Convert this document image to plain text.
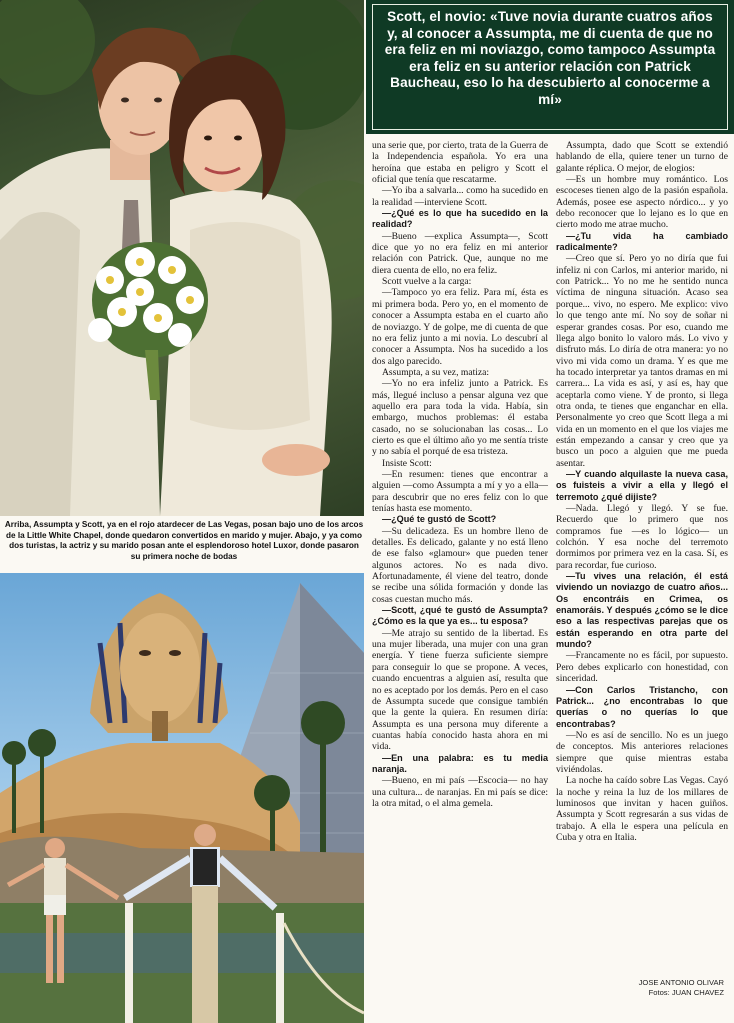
Arriba, Assumpta y Scott, ya en el rojo atardecer de Las Vegas, posan bajo uno de los arcos de la Little White Chapel, donde quedaron convertidos en marido y mujer. Abajo, y ya como dos turistas, la actriz y su marido posan ante el esplendoroso hotel Luxor, donde pasaron su primera noche de bodas
Scott, el novio: «Tuve novia durante cuatros años y, al conocer a Assumpta, me di cuenta de que no era feliz en mi noviazgo, como tampoco Assumpta era feliz en su anterior relación con Patrick Baucheau, eso lo ha descubierto al conocerme a mí»

una serie que, por cierto, trata de la Guerra de la Independencia española. Yo era una heroína que estaba en peligro y Scott el oficial que tenía que rescatarme.

—Yo iba a salvarla... como ha sucedido en la realidad —interviene Scott.

—¿Qué es lo que ha sucedido en la realidad?

—Bueno —explica Assumpta—, Scott dice que yo no era feliz en mi anterior relación con Patrick. Que, aunque no me diera cuenta de ello, no era feliz.

Scott vuelve a la carga:

—Tampoco yo era feliz. Para mí, ésta es mi primera boda. Pero yo, en el momento de conocer a Assumpta estaba en el cuarto año de noviazgo. Y de golpe, me di cuenta de que no era feliz junto a mi novia. Lo descubrí al conocer a Assumpta. Nos ha sucedido a los dos algo parecido.

Assumpta, a su vez, matiza:

—Yo no era infeliz junto a Patrick. Es más, llegué incluso a pensar alguna vez que aquello era para toda la vida. Había, sin embargo, muchos problemas: él estaba casado, no se solucionaban las cosas... Lo cierto es que el último año yo me sentía triste y no sabía el porqué de esa tristeza.

Insiste Scott:

—En resumen: tienes que encontrar a alguien —como Assumpta a mí y yo a ella— para descubrir que no eres feliz con lo que tenías hasta ese momento.

—¿Qué te gustó de Scott?

—Su delicadeza. Es un hombre lleno de detalles. Es delicado, galante y no está lleno de ese falso «glamour» que pueden tener algunos actores. No es nada divo. Afortunadamente, él viene del teatro, donde se recibe una sólida formación y donde las cosas cuestan mucho más.

—Scott, ¿qué te gustó de Assumpta? ¿Cómo es la que ya es... tu esposa?

—Me atrajo su sentido de la libertad. Es una mujer liberada, una mujer con una gran energía. Y tiene fuerza suficiente siempre para conseguir lo que se propone. A veces, cuando encuentras a alguien así, resulta que no es aceptado por los demás. Pero en el caso de Assumpta sucede que consigue también que la gente la quiera. En resumen diría: Assumpta es una persona muy diferente a cuantas había conocido hasta ahora en mi vida.

—En una palabra: es tu media naranja.

—Bueno, en mi país —Escocia— no hay una cultura... de naranjas. En mi país se dice: la otra mitad, o el alma gemela.

Assumpta, dado que Scott se extendió hablando de ella, quiere tener un turno de galante réplica. O mejor, de elogios:

—Es un hombre muy romántico. Los escoceses tienen algo de la pasión española. Además, posee ese aspecto nórdico... y yo debo reconocer que lo lejano es lo que en cierto modo me atrae mucho.

—¿Tu vida ha cambiado radicalmente?

—Creo que sí. Pero yo no diría que fui infeliz ni con Carlos, mi anterior marido, ni con Patrick... Yo no me he sentido nunca víctima de ninguna situación. Acaso sea porque... vivo, no espero. Me explico: vivo lo que tengo ante mí. No soy de soñar ni esperar grandes cosas. Por eso, cuando me llega algo bonito lo valoro más. Lo vivo y disfruto más. Lo diría de otra manera: yo no vivo mi vida como un drama. Y es que me ha tocado interpretar ya tantos dramas en mi carrera... La vida es así, y así es, hay que aceptarla como viene. Y de pronto, si llega otra onda, te tienes que enganchar en ella. Personalmente yo creo que Scott llega a mi vida en un momento en el que los viajes me están empezando a cansar y creo que ya busco un poco a alguien que me pueda asentar.

—Y cuando alquilaste la nueva casa, os fuisteis a vivir a ella y llegó el terremoto ¿qué dijiste?

—Nada. Llegó y llegó. Y se fue. Recuerdo que lo primero que nos compramos fue —es lo lógico— un colchón. Y esa noche del terremoto dormimos por primera vez en la casa. Sí, es para recordar, fue curioso.

—Tu vives una relación, él está viviendo un noviazgo de cuatro años... Os encontráis en Crimea, os enamoráis. Y después ¿cómo se le dice eso a las respectivas parejas que os están esperando en otra parte del mundo?

—Francamente no es fácil, por supuesto. Pero debes explicarlo con honestidad, con sinceridad.

—Con Carlos Tristancho, con Patrick... ¿no encontrabas lo que querías o no querías lo que encontrabas?

—No es así de sencillo. No es un juego de conceptos. Mis anteriores relaciones siempre que quise mientras estaba viviéndolas.

La noche ha caído sobre Las Vegas. Cayó la noche y reina la luz de los millares de luminosos que invitan y hacen guiños. Assumpta y Scott regresarán a sus vidas de trabajo. A ella le espera una película en Cuba y otra en Italia.

JOSE ANTONIO OLIVAR
Fotos: JUAN CHAVEZ
